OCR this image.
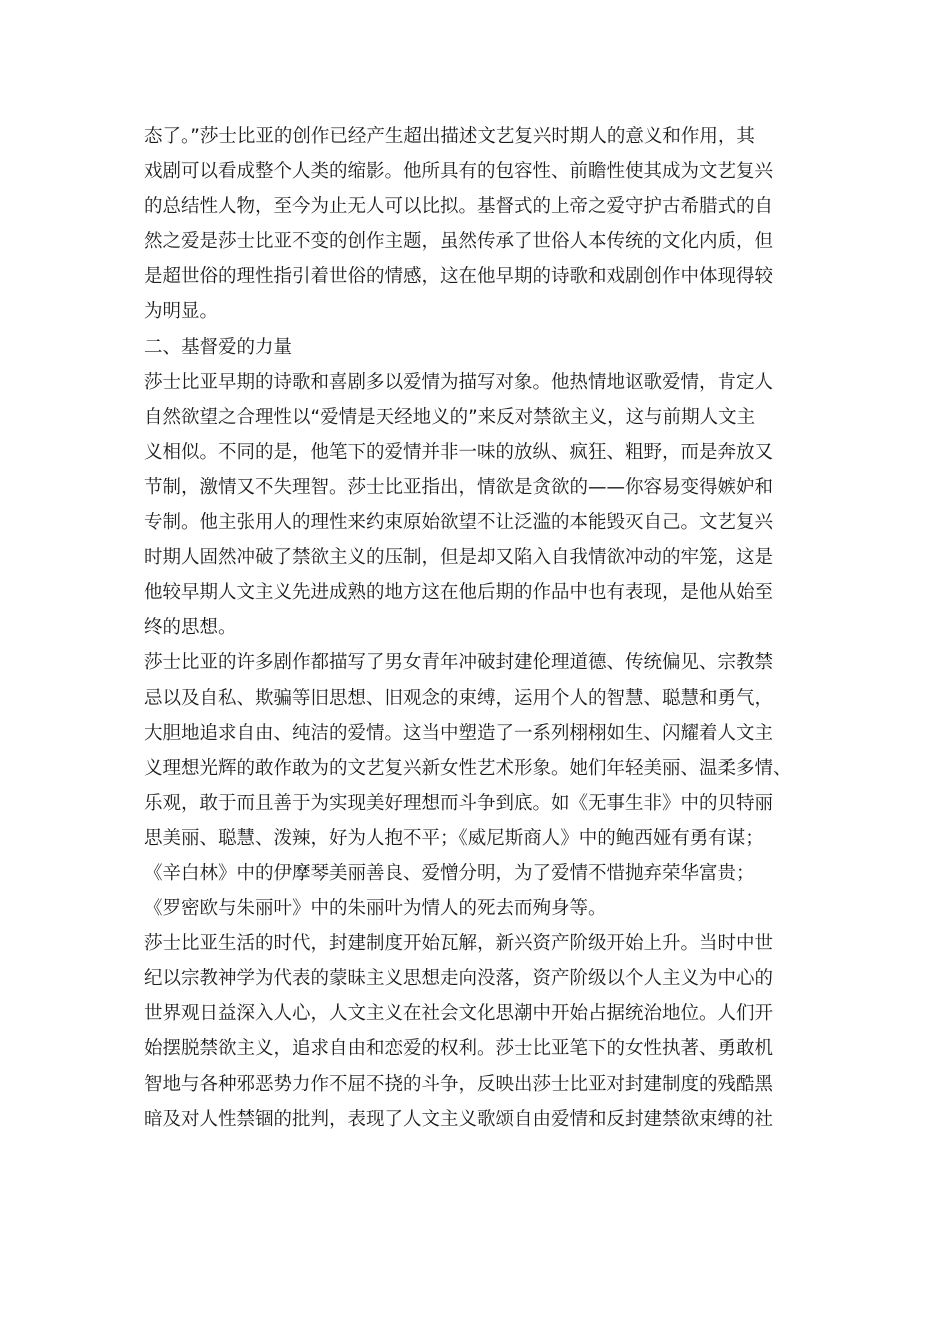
态了。”莎士比亚的创作已经产生超出描述文艺复兴时期人的意义和作用，其
戏剧可以看成整个人类的缩影。他所具有的包容性、前瞻性使其成为文艺复兴
的总结性人物，至今为止无人可以比拟。基督式的上帝之爱守护古希腊式的自
然之爱是莎士比亚不变的创作主题，虽然传承了世俗人本传统的文化内质，但
是超世俗的理性指引着世俗的情感，这在他早期的诗歌和戏剧创作中体现得较
为明显。
二、基督爱的力量
莎士比亚早期的诗歌和喜剧多以爱情为描写对象。他热情地讴歌爱情，肯定人
自然欲望之合理性以“爱情是天经地义的”来反对禁欲主义，这与前期人文主
义相似。不同的是，他笔下的爱情并非一味的放纵、疯狂、粗野，而是奔放又
节制，激情又不失理智。莎士比亚指出，情欲是贪欲的——你容易变得嫉妒和
专制。他主张用人的理性来约束原始欲望不让泛滥的本能毁灭自己。文艺复兴
时期人固然冲破了禁欲主义的压制，但是却又陷入自我情欲冲动的牢笼，这是
他较早期人文主义先进成熟的地方这在他后期的作品中也有表现，是他从始至
终的思想。
莎士比亚的许多剧作都描写了男女青年冲破封建伦理道德、传统偏见、宗教禁
忌以及自私、欺骗等旧思想、旧观念的束缚，运用个人的智慧、聪慧和勇气，
大胆地追求自由、纯洁的爱情。这当中塑造了一系列栩栩如生、闪耀着人文主
义理想光辉的敢作敢为的文艺复兴新女性艺术形象。她们年轻美丽、温柔多情、
乐观，敢于而且善于为实现美好理想而斗争到底。如《无事生非》中的贝特丽
思美丽、聪慧、泼辣，好为人抱不平；《威尼斯商人》中的鲍西娅有勇有谋；
《辛白林》中的伊摩琴美丽善良、爱憎分明，为了爱情不惜抛弃荣华富贵；
《罗密欧与朱丽叶》中的朱丽叶为情人的死去而殉身等。
莎士比亚生活的时代，封建制度开始瓦解，新兴资产阶级开始上升。当时中世
纪以宗教神学为代表的蒙昧主义思想走向没落，资产阶级以个人主义为中心的
世界观日益深入人心，人文主义在社会文化思潮中开始占据统治地位。人们开
始摆脱禁欲主义，追求自由和恋爱的权利。莎士比亚笔下的女性执著、勇敢机
智地与各种邪恶势力作不屈不挠的斗争，反映出莎士比亚对封建制度的残酷黑
暗及对人性禁锢的批判，表现了人文主义歌颂自由爱情和反封建禁欲束缚的社
